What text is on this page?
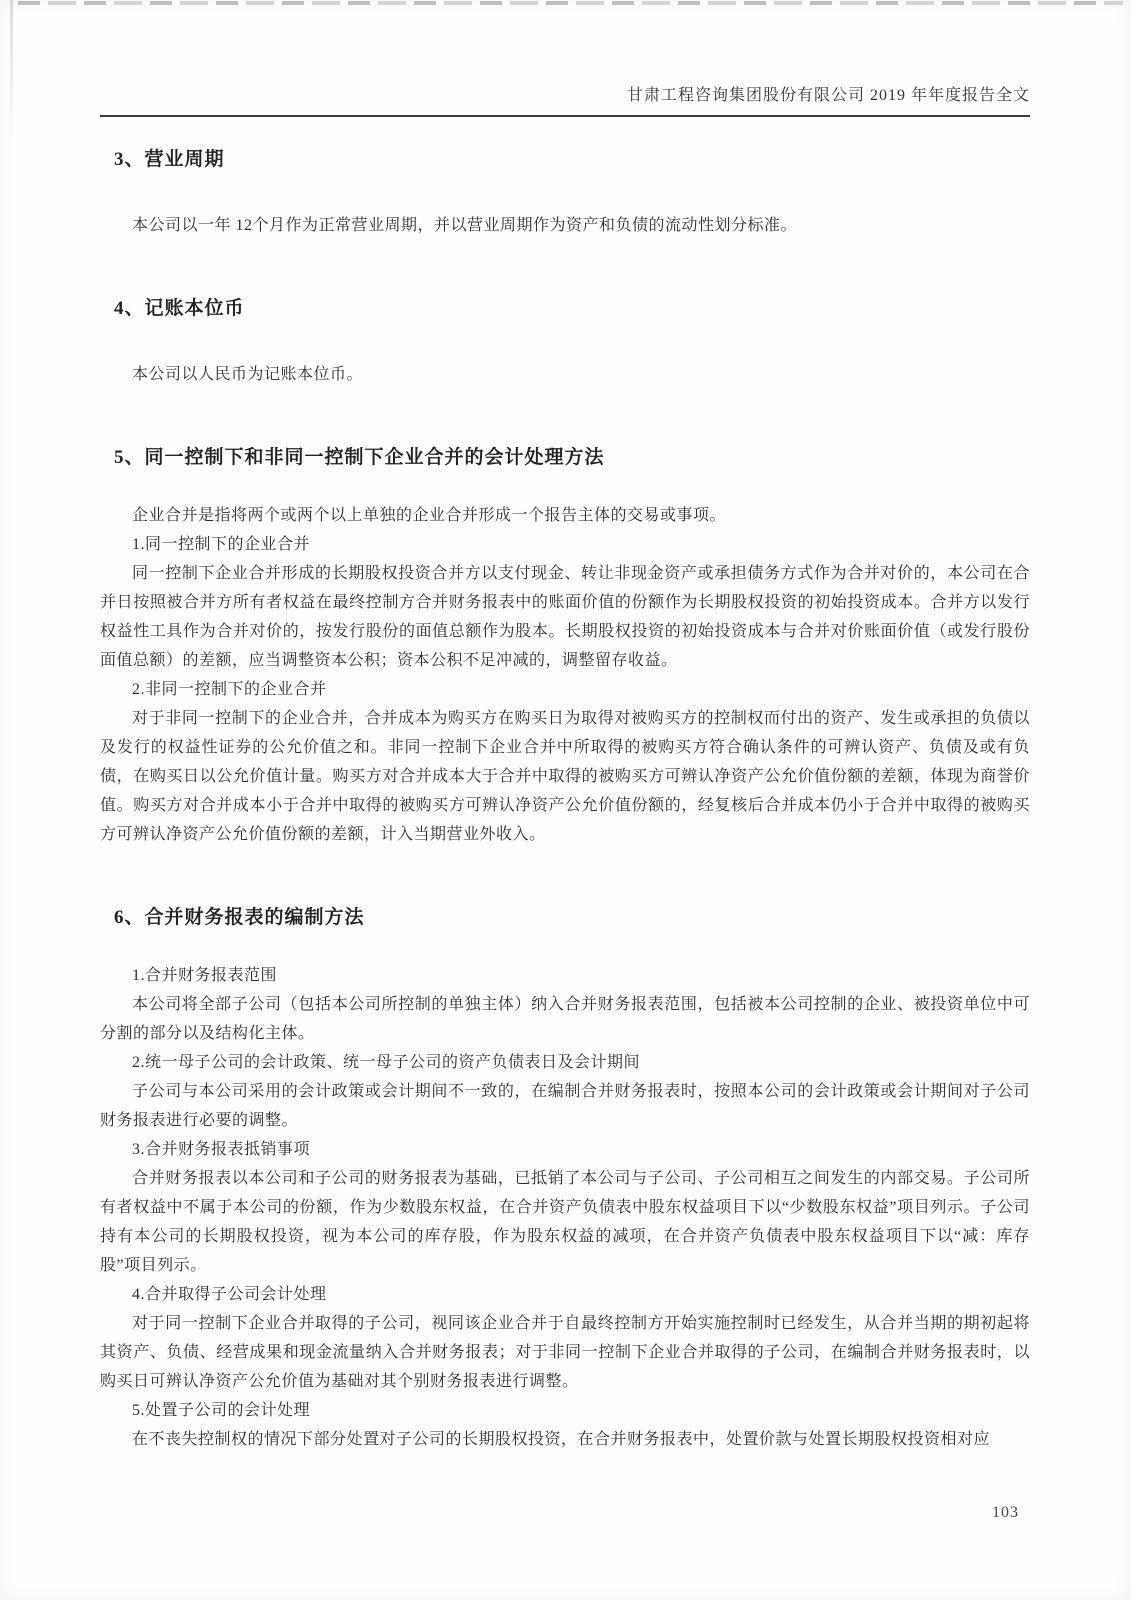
甘肃工程咨询集团股份有限公司 2019 年年度报告全文
3、营业周期

本公司以一年 12个月作为正常营业周期，并以营业周期作为资产和负债的流动性划分标准。

4、记账本位币

本公司以人民币为记账本位币。

5、同一控制下和非同一控制下企业合并的会计处理方法

企业合并是指将两个或两个以上单独的企业合并形成一个报告主体的交易或事项。

1.同一控制下的企业合并

同一控制下企业合并形成的长期股权投资合并方以支付现金、转让非现金资产或承担债务方式作为合并对价的，本公司在合并日按照被合并方所有者权益在最终控制方合并财务报表中的账面价值的份额作为长期股权投资的初始投资成本。合并方以发行权益性工具作为合并对价的，按发行股份的面值总额作为股本。长期股权投资的初始投资成本与合并对价账面价值（或发行股份面值总额）的差额，应当调整资本公积；资本公积不足冲减的，调整留存收益。

2.非同一控制下的企业合并

对于非同一控制下的企业合并，合并成本为购买方在购买日为取得对被购买方的控制权而付出的资产、发生或承担的负债以及发行的权益性证券的公允价值之和。非同一控制下企业合并中所取得的被购买方符合确认条件的可辨认资产、负债及或有负债，在购买日以公允价值计量。购买方对合并成本大于合并中取得的被购买方可辨认净资产公允价值份额的差额，体现为商誉价值。购买方对合并成本小于合并中取得的被购买方可辨认净资产公允价值份额的，经复核后合并成本仍小于合并中取得的被购买方可辨认净资产公允价值份额的差额，计入当期营业外收入。

6、合并财务报表的编制方法

1.合并财务报表范围

本公司将全部子公司（包括本公司所控制的单独主体）纳入合并财务报表范围，包括被本公司控制的企业、被投资单位中可分割的部分以及结构化主体。

2.统一母子公司的会计政策、统一母子公司的资产负债表日及会计期间

子公司与本公司采用的会计政策或会计期间不一致的，在编制合并财务报表时，按照本公司的会计政策或会计期间对子公司财务报表进行必要的调整。

3.合并财务报表抵销事项

合并财务报表以本公司和子公司的财务报表为基础，已抵销了本公司与子公司、子公司相互之间发生的内部交易。子公司所有者权益中不属于本公司的份额，作为少数股东权益，在合并资产负债表中股东权益项目下以“少数股东权益”项目列示。子公司持有本公司的长期股权投资，视为本公司的库存股，作为股东权益的减项，在合并资产负债表中股东权益项目下以“减：库存股”项目列示。

4.合并取得子公司会计处理

对于同一控制下企业合并取得的子公司，视同该企业合并于自最终控制方开始实施控制时已经发生，从合并当期的期初起将其资产、负债、经营成果和现金流量纳入合并财务报表；对于非同一控制下企业合并取得的子公司，在编制合并财务报表时，以购买日可辨认净资产公允价值为基础对其个别财务报表进行调整。

5.处置子公司的会计处理

在不丧失控制权的情况下部分处置对子公司的长期股权投资，在合并财务报表中，处置价款与处置长期股权投资相对应

103
